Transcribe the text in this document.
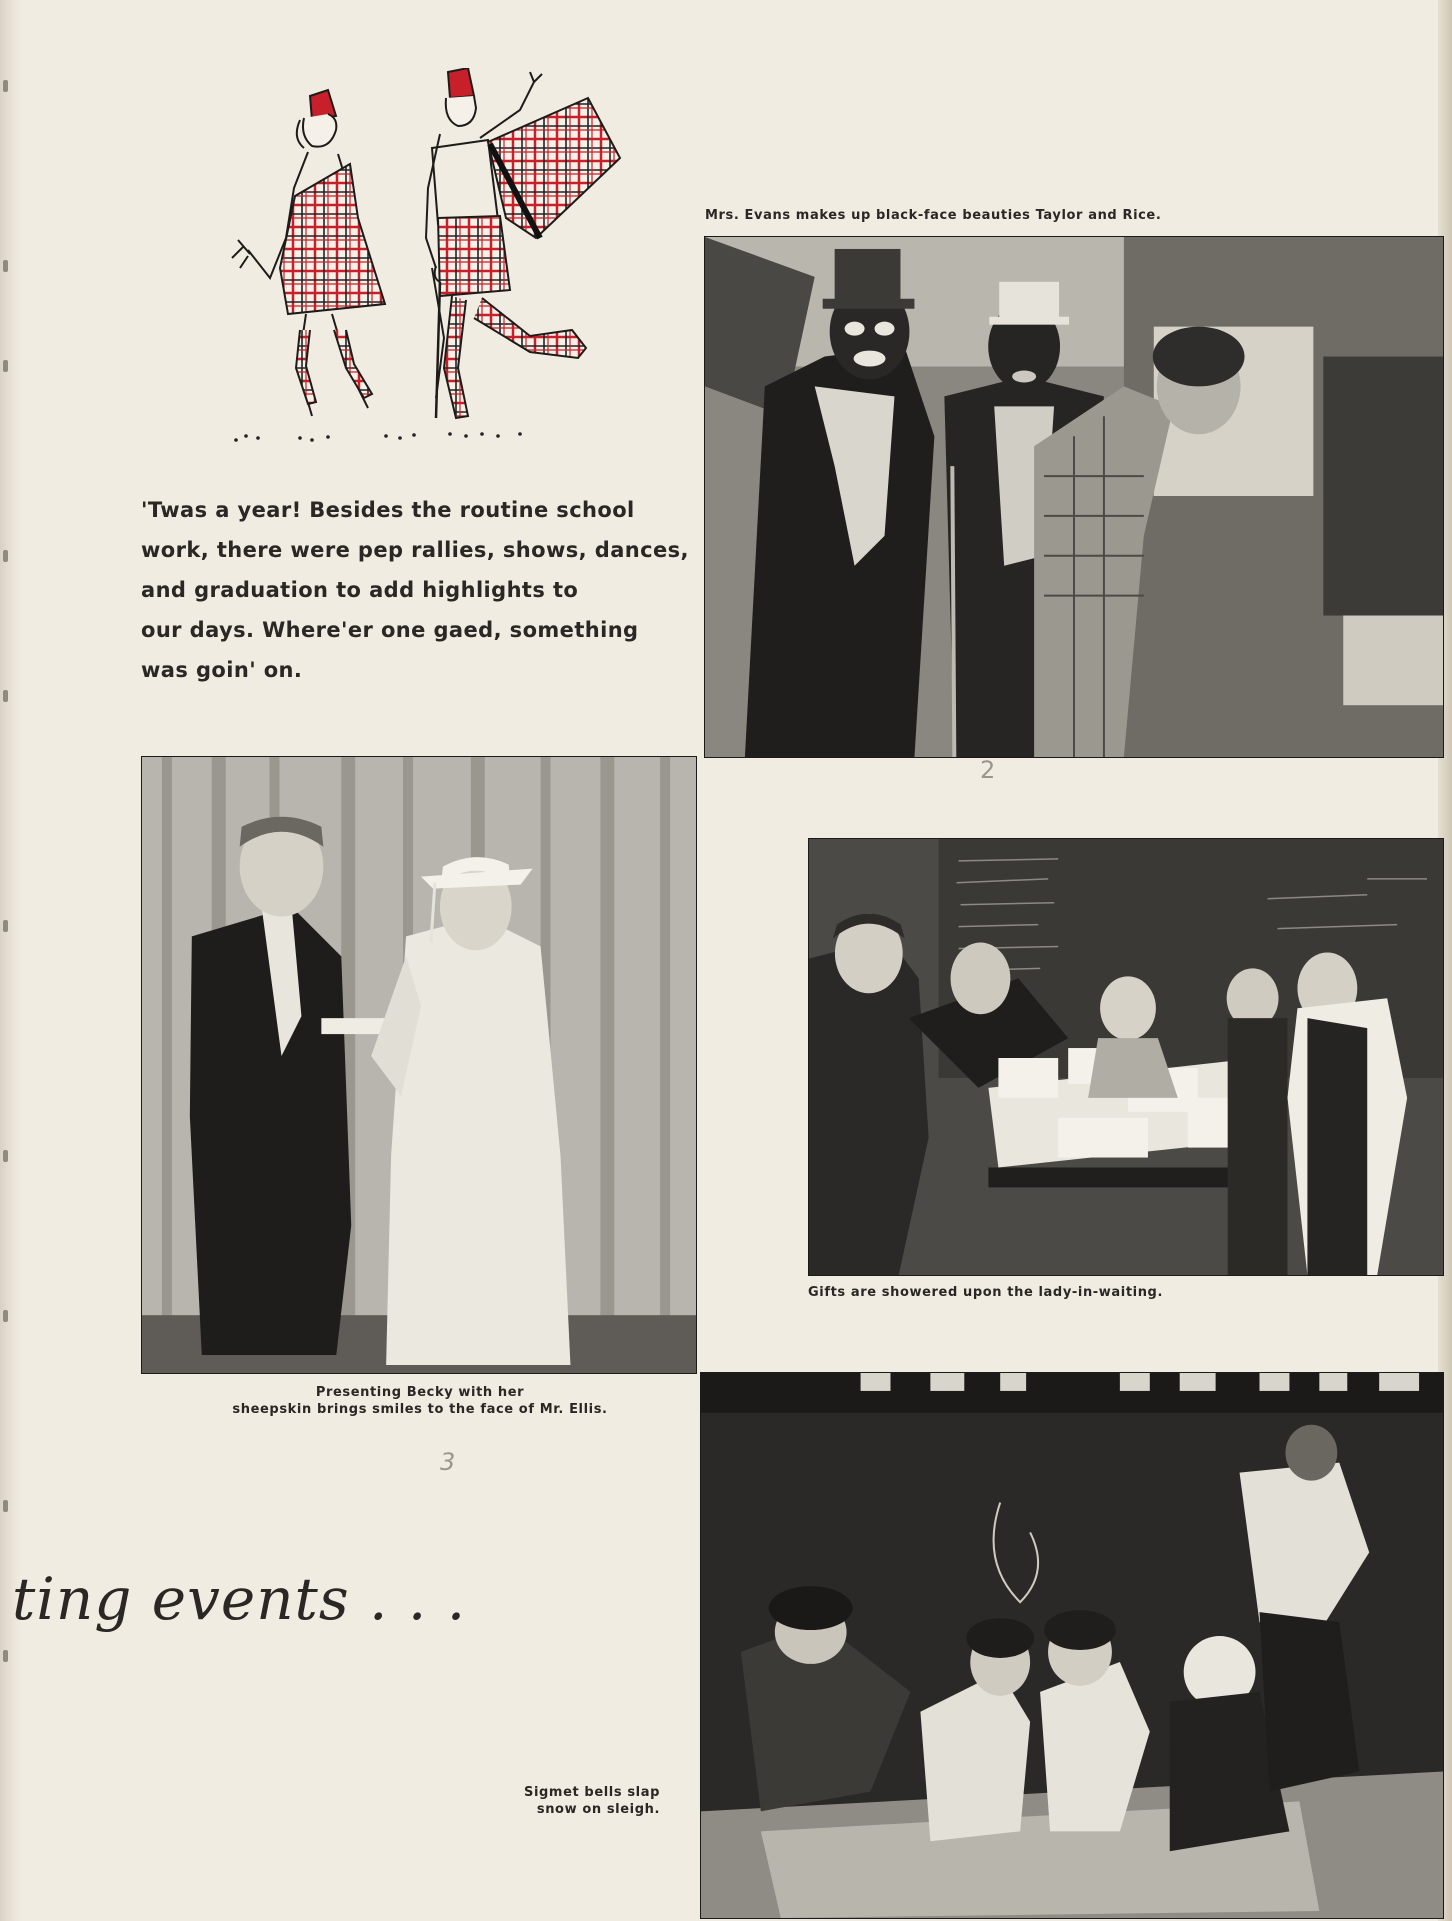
'Twas a year! Besides the routine school
work, there were pep rallies, shows, dances,
and graduation to add highlights to
our days. Where'er one gaed, something
was goin' on.
Mrs. Evans makes up black-face beauties Taylor and Rice.
2
Presenting Becky with her
sheepskin brings smiles to the face of Mr. Ellis.
3
Gifts are showered upon the lady-in-waiting.
Sigmet bells slap
snow on sleigh.
ting events . . .
